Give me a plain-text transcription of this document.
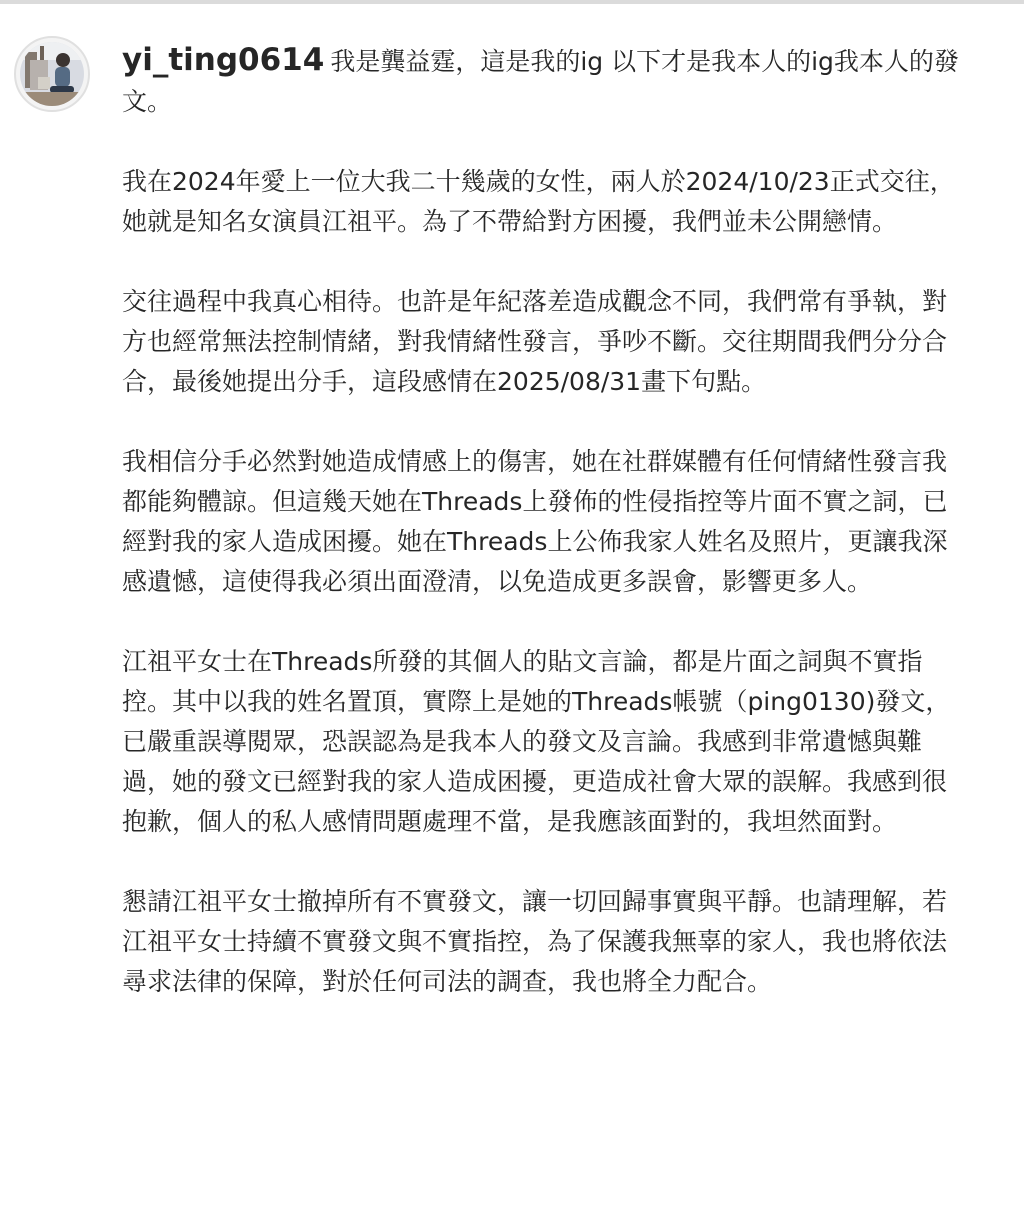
yi_ting0614 我是龔益霆，這是我的ig 以下才是我本人的ig我本人的發文。

我在2024年愛上一位大我二十幾歲的女性，兩人於2024/10/23正式交往，她就是知名女演員江祖平。為了不帶給對方困擾，我們並未公開戀情。

交往過程中我真心相待。也許是年紀落差造成觀念不同，我們常有爭執，對方也經常無法控制情緒，對我情緒性發言，爭吵不斷。交往期間我們分分合合，最後她提出分手，這段感情在2025/08/31畫下句點。

我相信分手必然對她造成情感上的傷害，她在社群媒體有任何情緒性發言我都能夠體諒。但這幾天她在Threads上發佈的性侵指控等片面不實之詞，已經對我的家人造成困擾。她在Threads上公佈我家人姓名及照片，更讓我深感遺憾，這使得我必須出面澄清，以免造成更多誤會，影響更多人。

江祖平女士在Threads所發的其個人的貼文言論，都是片面之詞與不實指控。其中以我的姓名置頂，實際上是她的Threads帳號（ping0130)發文，已嚴重誤導閱眾，恐誤認為是我本人的發文及言論。我感到非常遺憾與難過，她的發文已經對我的家人造成困擾，更造成社會大眾的誤解。我感到很抱歉，個人的私人感情問題處理不當，是我應該面對的，我坦然面對。

懇請江祖平女士撤掉所有不實發文，讓一切回歸事實與平靜。也請理解，若江祖平女士持續不實發文與不實指控，為了保護我無辜的家人，我也將依法尋求法律的保障，對於任何司法的調查，我也將全力配合。
